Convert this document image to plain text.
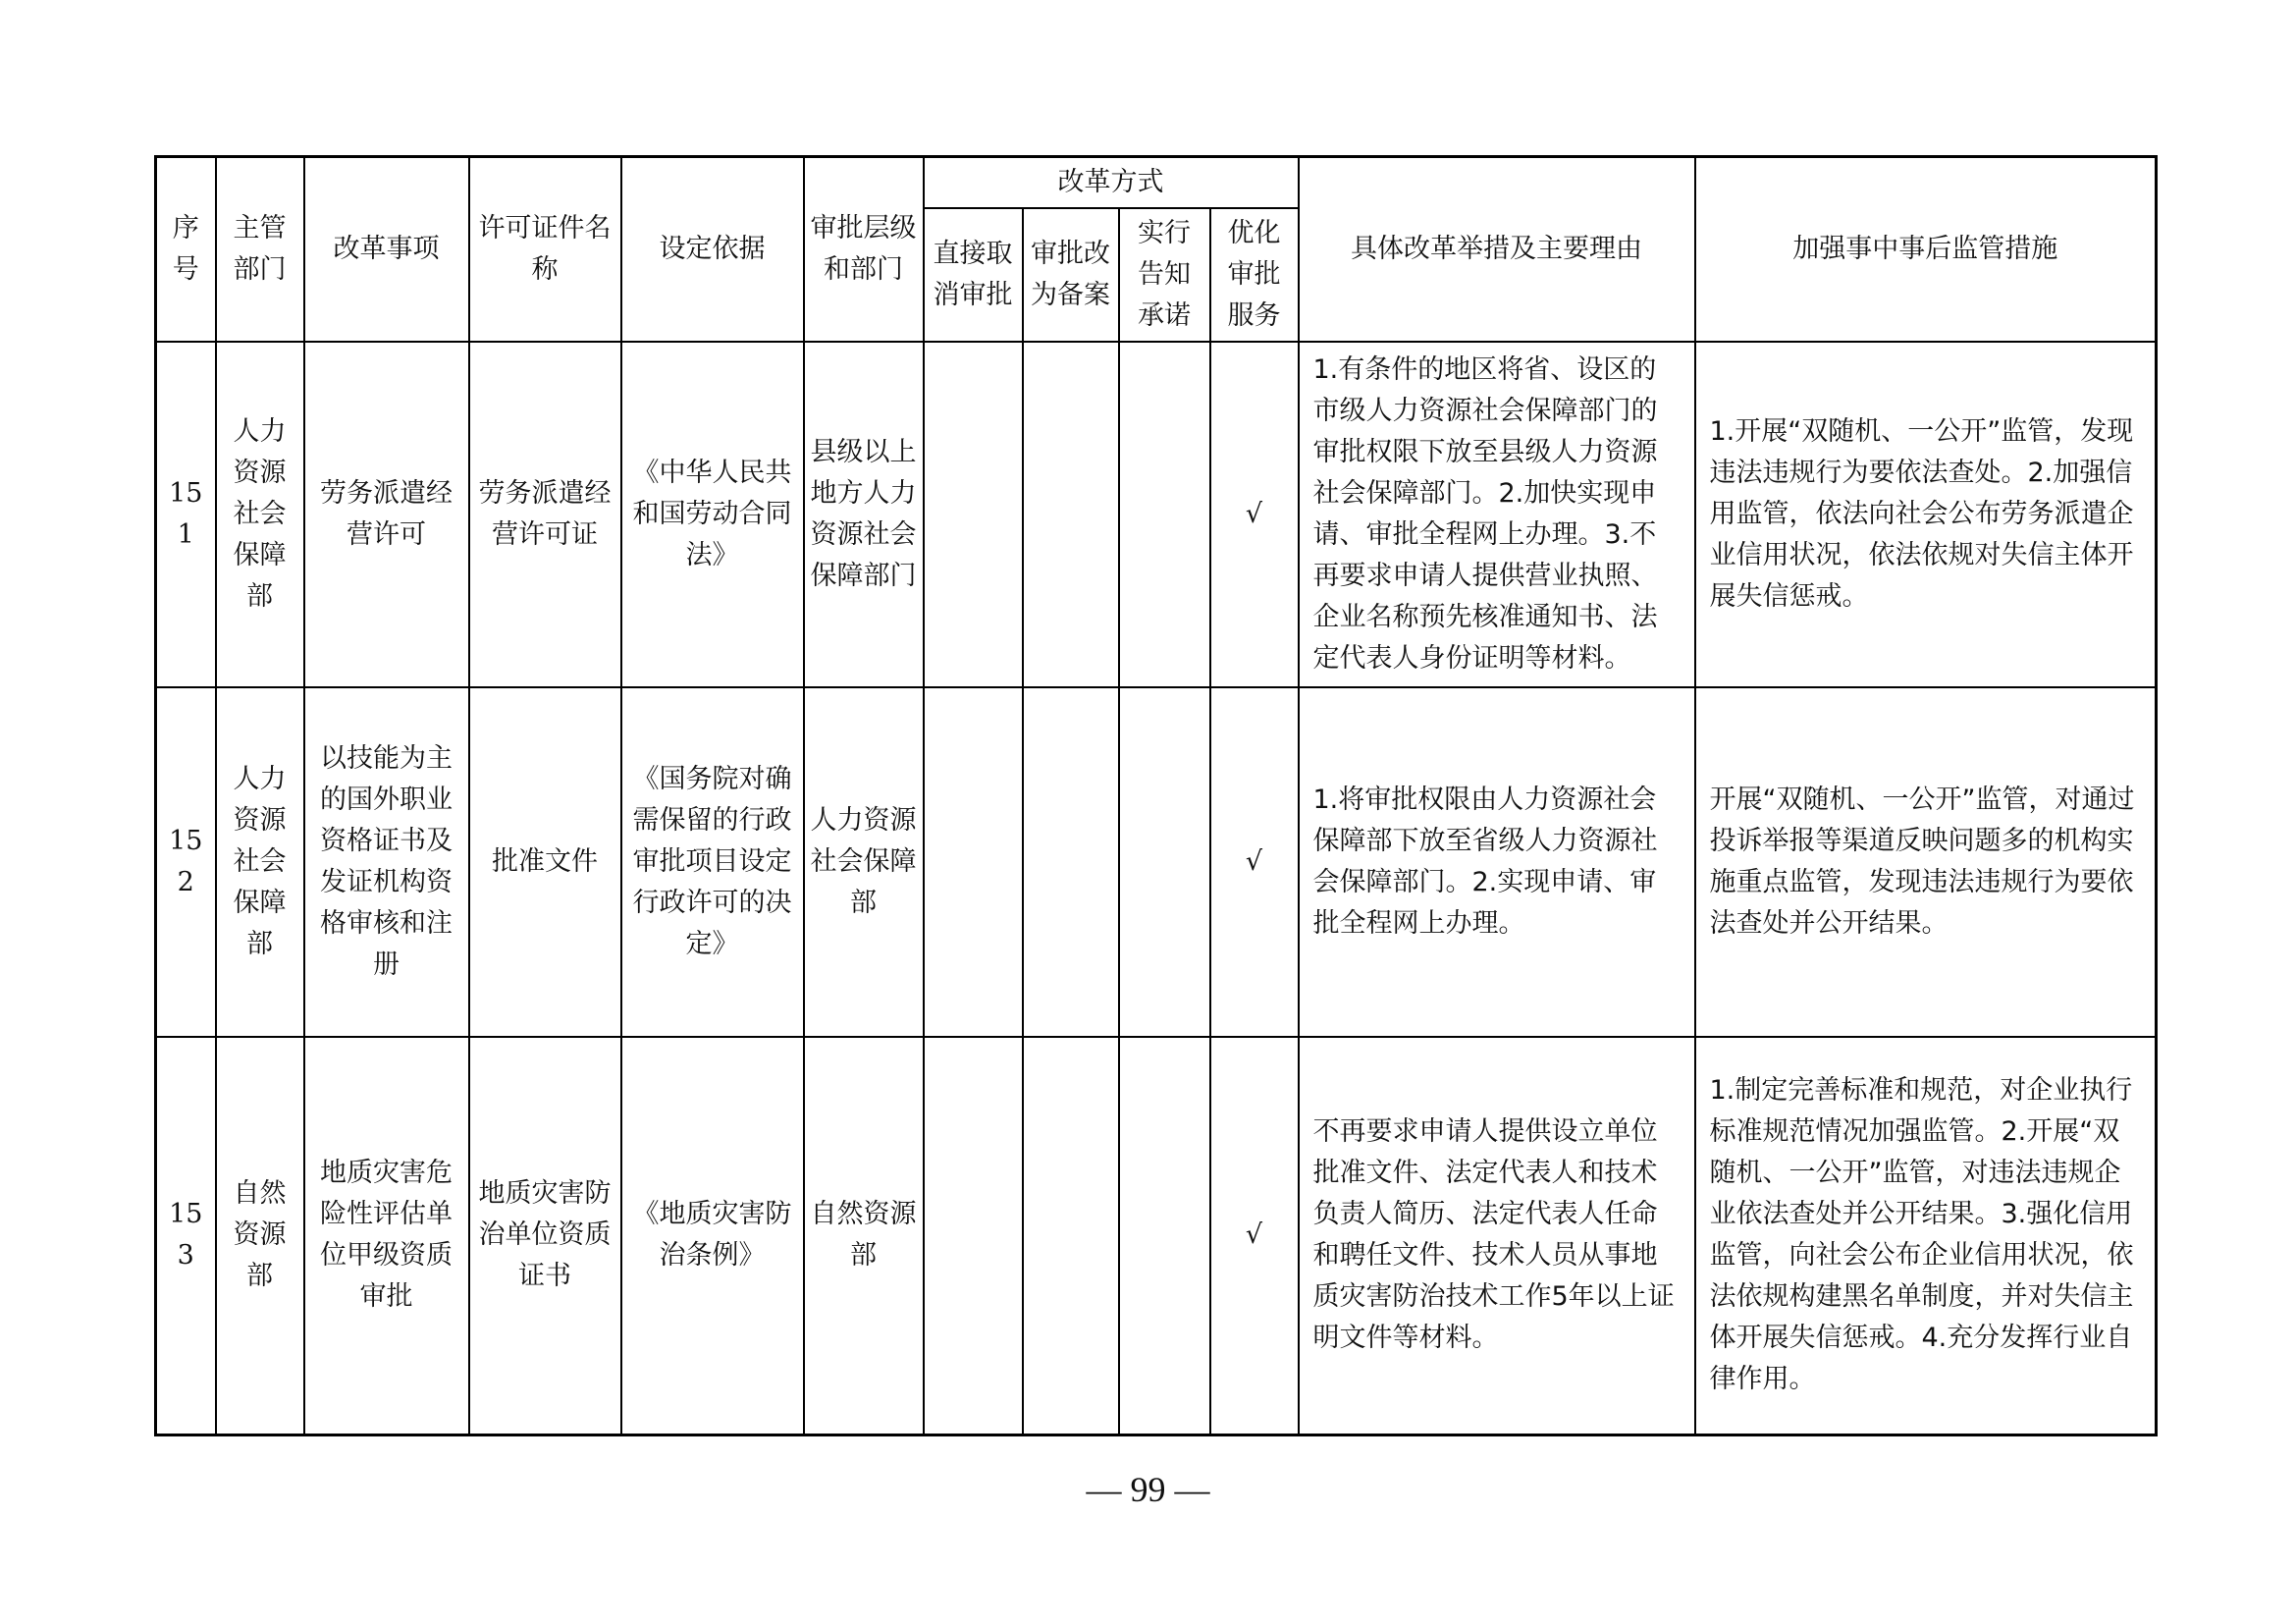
序号	主管部门	改革事项	许可证件名称	设定依据	审批层级和部门	改革方式				具体改革举措及主要理由	加强事中事后监管措施
						直接取消审批	审批改为备案	实行告知承诺	优化审批服务		
151	人力资源社会保障部	劳务派遣经营许可	劳务派遣经营许可证	《中华人民共和国劳动合同法》	县级以上地方人力资源社会保障部门				√	1.有条件的地区将省、设区的市级人力资源社会保障部门的审批权限下放至县级人力资源社会保障部门。2.加快实现申请、审批全程网上办理。3.不再要求申请人提供营业执照、企业名称预先核准通知书、法定代表人身份证明等材料。	1.开展“双随机、一公开”监管，发现违法违规行为要依法查处。2.加强信用监管，依法向社会公布劳务派遣企业信用状况，依法依规对失信主体开展失信惩戒。
152	人力资源社会保障部	以技能为主的国外职业资格证书及发证机构资格审核和注册	批准文件	《国务院对确需保留的行政审批项目设定行政许可的决定》	人力资源社会保障部				√	1.将审批权限由人力资源社会保障部下放至省级人力资源社会保障部门。2.实现申请、审批全程网上办理。	开展“双随机、一公开”监管，对通过投诉举报等渠道反映问题多的机构实施重点监管，发现违法违规行为要依法查处并公开结果。
153	自然资源部	地质灾害危险性评估单位甲级资质审批	地质灾害防治单位资质证书	《地质灾害防治条例》	自然资源部				√	不再要求申请人提供设立单位批准文件、法定代表人和技术负责人简历、法定代表人任命和聘任文件、技术人员从事地质灾害防治技术工作5年以上证明文件等材料。	1.制定完善标准和规范，对企业执行标准规范情况加强监管。2.开展“双随机、一公开”监管，对违法违规企业依法查处并公开结果。3.强化信用监管，向社会公布企业信用状况，依法依规构建黑名单制度，并对失信主体开展失信惩戒。4.充分发挥行业自律作用。
— 99 —
